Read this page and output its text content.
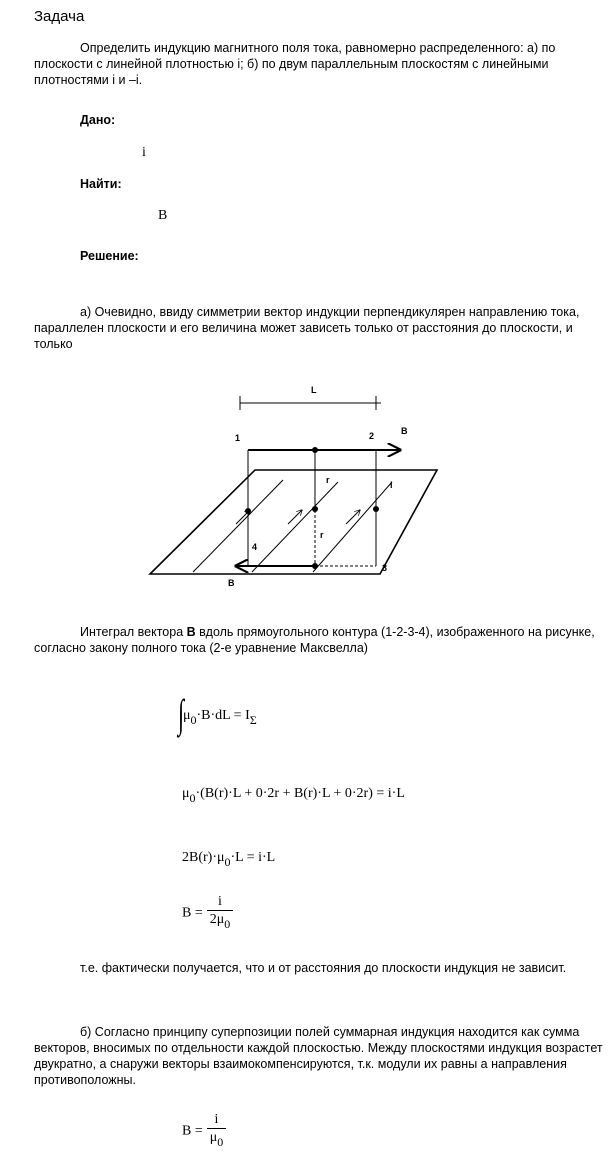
Задача
Определить индукцию магнитного поля тока, равномерно распределенного: а) по плоскости с линейной плотностью i; б) по двум параллельным плоскостям с линейными плотностями i и –i.
Дано:
i
Найти:
B
Решение:
а) Очевидно, ввиду симметрии вектор индукции перпендикулярен направлению тока, параллелен плоскости и его величина может зависеть только от расстояния до плоскости, и только
L
1	2
3
4
B
B
i
r
r
Интеграл вектора B вдоль прямоугольного контура (1-2-3-4), изображенного на рисунке, согласно закону полного тока (2-е уравнение Максвелла)
∫μ0·B·dL = IΣ
μ0·(B(r)·L + 0·2r + B(r)·L + 0·2r) = i·L
2B(r)·μ0·L = i·L
$B = \frac{i}{2\mu 0}$
т.е. фактически получается, что и от расстояния до плоскости индукция не зависит.
б) Согласно принципу суперпозиции полей суммарная индукция находится как сумма векторов, вносимых по отдельности каждой плоскостью. Между плоскостями индукция возрастет двукратно, а снаружи векторы взаимокомпенсируются, т.к. модули их равны а направления противоположны.
$B = \frac{i}{\mu 0}$
